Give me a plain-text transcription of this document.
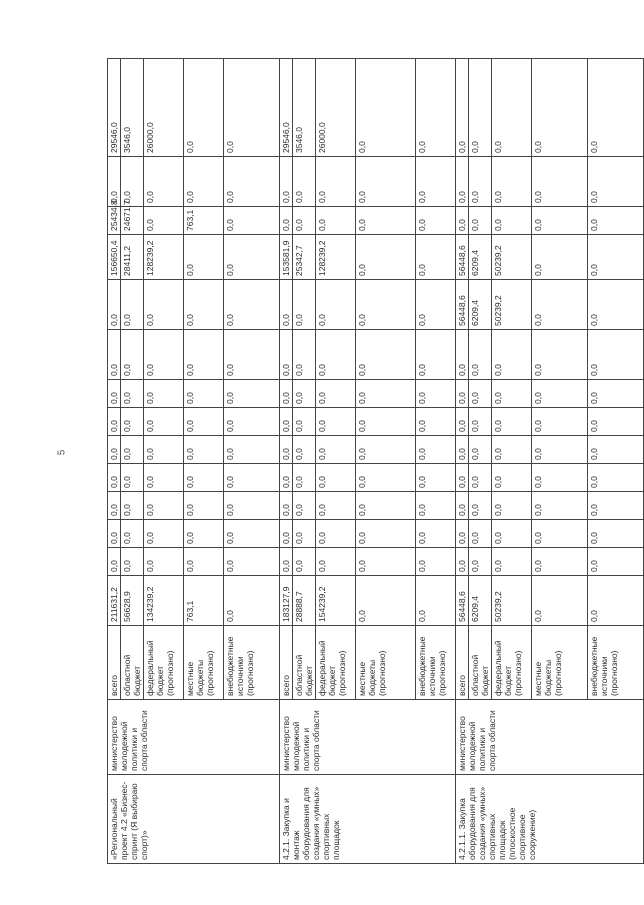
5
«Региональный проект 4.2 «Бизнес-спринт (Я выбираю спорт)»	министерство молодежной политики и спорта области	всего	211631,2	0,0	0,0	0,0	0,0	0,0	0,0	0,0	0,0	0,0	156650,4	25434,8	0,0	29546,0
		областной бюджет	56628,9	0,0	0,0	0,0	0,0	0,0	0,0	0,0	0,0	0,0	28411,2	24671,7	0,0	3546,0
		федеральный бюджет (прогнозно)	134239,2	0,0	0,0	0,0	0,0	0,0	0,0	0,0	0,0	0,0	128239,2	0,0	0,0	26000,0
		местные бюджеты (прогнозно)	763,1	0,0	0,0	0,0	0,0	0,0	0,0	0,0	0,0	0,0	0,0	763,1	0,0	0,0
		внебюджетные источники (прогнозно)	0,0	0,0	0,0	0,0	0,0	0,0	0,0	0,0	0,0	0,0	0,0	0,0	0,0	0,0
4.2.1. Закупка и монтаж оборудования для создания «умных» спортивных площадок	министерство молодежной политики и спорта области	всего	183127,9	0,0	0,0	0,0	0,0	0,0	0,0	0,0	0,0	0,0	153581,9	0,0	0,0	29546,0
		областной бюджет	28888,7	0,0	0,0	0,0	0,0	0,0	0,0	0,0	0,0	0,0	25342,7	0,0	0,0	3546,0
		федеральный бюджет (прогнозно)	154239,2	0,0	0,0	0,0	0,0	0,0	0,0	0,0	0,0	0,0	128239,2	0,0	0,0	26000,0
		местные бюджеты (прогнозно)	0,0	0,0	0,0	0,0	0,0	0,0	0,0	0,0	0,0	0,0	0,0	0,0	0,0	0,0
		внебюджетные источники (прогнозно)	0,0	0,0	0,0	0,0	0,0	0,0	0,0	0,0	0,0	0,0	0,0	0,0	0,0	0,0
4.2.1.1. Закупка оборудования для создания «умных» спортивных площадок (плоскостное спортивное сооружение)	министерство молодежной политики и спорта области	всего	56448,6	0,0	0,0	0,0	0,0	0,0	0,0	0,0	0,0	56448,6	56448,6	0,0	0,0	0,0
		областной бюджет	6209,4	0,0	0,0	0,0	0,0	0,0	0,0	0,0	0,0	6209,4	6209,4	0,0	0,0	0,0
		федеральный бюджет (прогнозно)	50239,2	0,0	0,0	0,0	0,0	0,0	0,0	0,0	0,0	50239,2	50239,2	0,0	0,0	0,0
		местные бюджеты (прогнозно)	0,0	0,0	0,0	0,0	0,0	0,0	0,0	0,0	0,0	0,0	0,0	0,0	0,0	0,0
		внебюджетные источники (прогнозно)	0,0	0,0	0,0	0,0	0,0	0,0	0,0	0,0	0,0	0,0	0,0	0,0	0,0	0,0
